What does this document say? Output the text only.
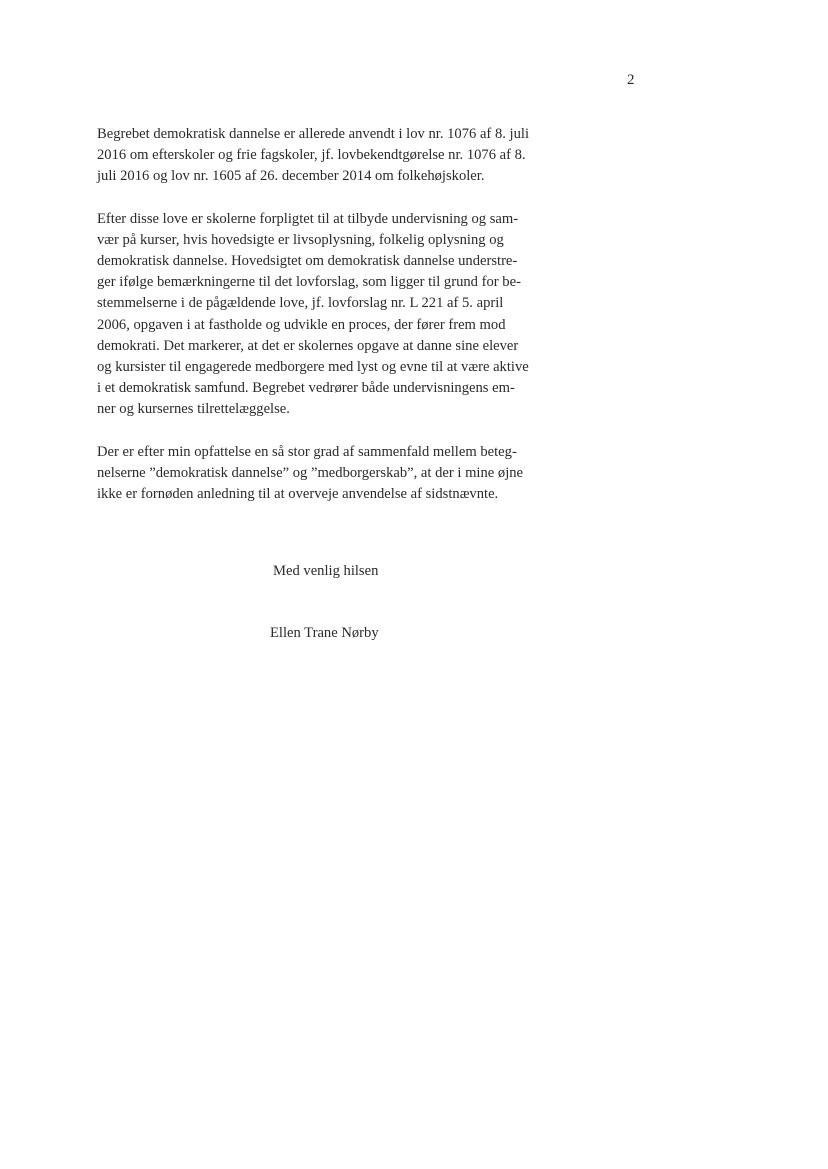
2

Begrebet demokratisk dannelse er allerede anvendt i lov nr. 1076 af 8. juli
2016 om efterskoler og frie fagskoler, jf. lovbekendtgørelse nr. 1076 af 8.
juli 2016 og lov nr. 1605 af 26. december 2014 om folkehøjskoler.

Efter disse love er skolerne forpligtet til at tilbyde undervisning og sam-
vær på kurser, hvis hovedsigte er livsoplysning, folkelig oplysning og
demokratisk dannelse. Hovedsigtet om demokratisk dannelse understre-
ger ifølge bemærkningerne til det lovforslag, som ligger til grund for be-
stemmelserne i de pågældende love, jf. lovforslag nr. L 221 af 5. april
2006, opgaven i at fastholde og udvikle en proces, der fører frem mod
demokrati. Det markerer, at det er skolernes opgave at danne sine elever
og kursister til engagerede medborgere med lyst og evne til at være aktive
i et demokratisk samfund. Begrebet vedrører både undervisningens em-
ner og kursernes tilrettelæggelse.

Der er efter min opfattelse en så stor grad af sammenfald mellem beteg-
nelserne ”demokratisk dannelse” og ”medborgerskab”, at der i mine øjne
ikke er fornøden anledning til at overveje anvendelse af sidstnævnte.

Med venlig hilsen
Ellen Trane Nørby
